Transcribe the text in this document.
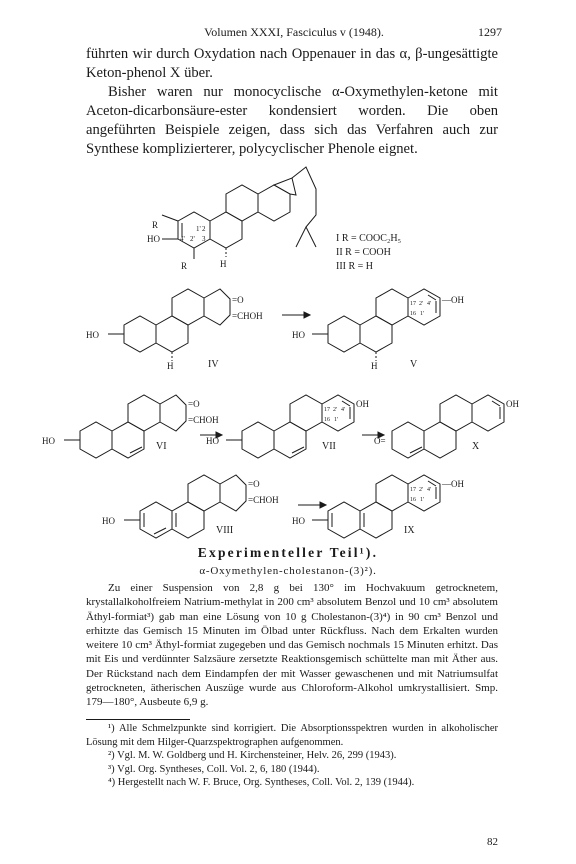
Volumen XXXI, Fasciculus v (1948).	1297

führten wir durch Oxydation nach Oppenauer in das α, β-ungesättigte Keton-phenol X über.

Bisher waren nur monocyclische α-Oxymethylen-ketone mit Aceton-dicarbonsäure-ester kondensiert worden. Die oben angeführten Beispiele zeigen, dass sich das Verfahren auch zur Synthese komplizierterer, polycyclischer Phenole eignet.

R
HO
R	H
1' 2
4' 2' 3	I R = COOC₂H₅
II R = COOH
III R = H
=O
=CHOH
HO
H	IV
—OH
HO
H	V
17 2' 4'
16 1'
=O
=CHOH
HO	VI
OH
HO	VII
17 2' 4'
16 1'
OH
O=	X
=O
=CHOH
HO
VIII
—OH
HO
IX
17 2' 4'
16 1'
Experimenteller Teil¹).
α-Oxymethylen-cholestanon-(3)²).
Zu einer Suspension von 2,8 g bei 130° im Hochvakuum getrocknetem, krystallalkoholfreiem Natrium-methylat in 200 cm³ absolutem Benzol und 10 cm³ absolutem Äthyl-formiat³) gab man eine Lösung von 10 g Cholestanon-(3)⁴) in 90 cm³ Benzol und erhitzte das Gemisch 15 Minuten im Ölbad unter Rückfluss. Nach dem Erkalten wurden weitere 10 cm³ Äthyl-formiat zugegeben und das Gemisch nochmals 15 Minuten erhitzt. Das mit Eis und verdünnter Salzsäure zersetzte Reaktionsgemisch schüttelte man mit Äther aus. Der Rückstand nach dem Eindampfen der mit Wasser gewaschenen und mit Natriumsulfat getrockneten, ätherischen Auszüge wurde aus Chloroform-Alkohol umkrystallisiert. Smp. 179—180°, Ausbeute 6,9 g.

¹) Alle Schmelzpunkte sind korrigiert. Die Absorptionsspektren wurden in alkoholischer Lösung mit dem Hilger-Quarzspektrographen aufgenommen.

²) Vgl. M. W. Goldberg und H. Kirchensteiner, Helv. 26, 299 (1943).

³) Vgl. Org. Syntheses, Coll. Vol. 2, 6, 180 (1944).

⁴) Hergestellt nach W. F. Bruce, Org. Syntheses, Coll. Vol. 2, 139 (1944).

82
